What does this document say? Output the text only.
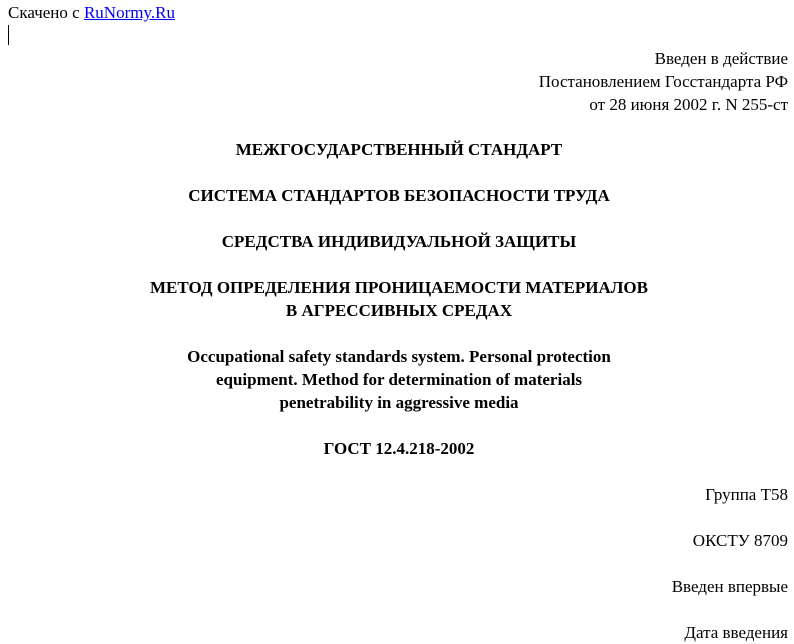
Скачено с RuNormy.Ru
Введен в действие
Постановлением Госстандарта РФ
от 28 июня 2002 г. N 255-ст
МЕЖГОСУДАРСТВЕННЫЙ СТАНДАРТ
СИСТЕМА СТАНДАРТОВ БЕЗОПАСНОСТИ ТРУДА
СРЕДСТВА ИНДИВИДУАЛЬНОЙ ЗАЩИТЫ
МЕТОД ОПРЕДЕЛЕНИЯ ПРОНИЦАЕМОСТИ МАТЕРИАЛОВ
В АГРЕССИВНЫХ СРЕДАХ
Occupational safety standards system. Personal protection
equipment. Method for determination of materials
penetrability in aggressive media
ГОСТ 12.4.218-2002
Группа Т58
ОКСТУ 8709
Введен впервые
Дата введения
